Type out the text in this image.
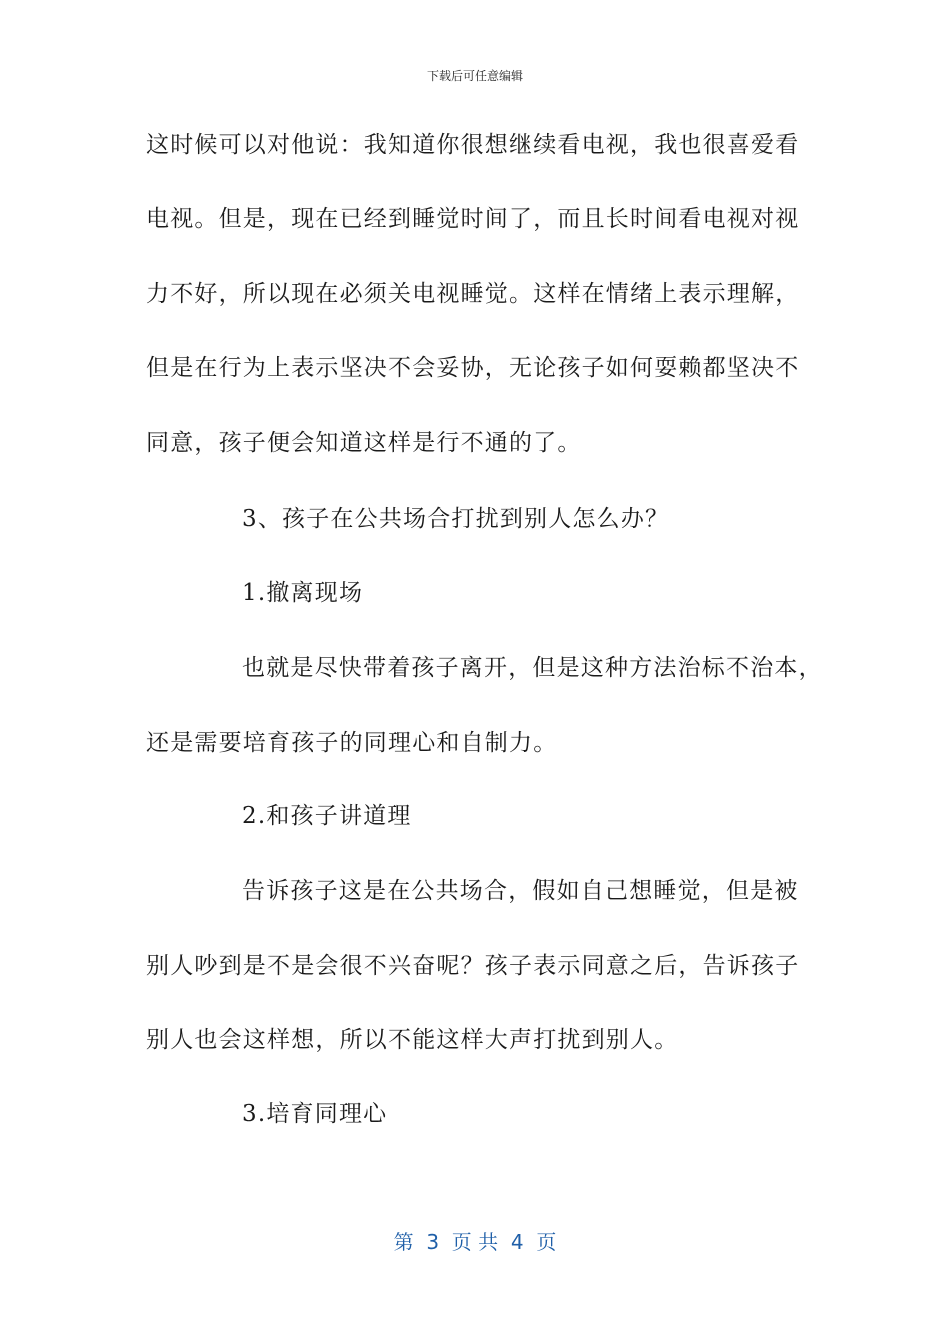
下载后可任意编辑
这时候可以对他说：我知道你很想继续看电视，我也很喜爱看
电视。但是，现在已经到睡觉时间了，而且长时间看电视对视
力不好，所以现在必须关电视睡觉。这样在情绪上表示理解，
但是在行为上表示坚决不会妥协，无论孩子如何耍赖都坚决不
同意，孩子便会知道这样是行不通的了。
3、孩子在公共场合打扰到别人怎么办？
1.撤离现场
也就是尽快带着孩子离开，但是这种方法治标不治本，
还是需要培育孩子的同理心和自制力。
2.和孩子讲道理
告诉孩子这是在公共场合，假如自己想睡觉，但是被
别人吵到是不是会很不兴奋呢？孩子表示同意之后，告诉孩子
别人也会这样想，所以不能这样大声打扰到别人。
3.培育同理心
第  3  页 共  4  页
